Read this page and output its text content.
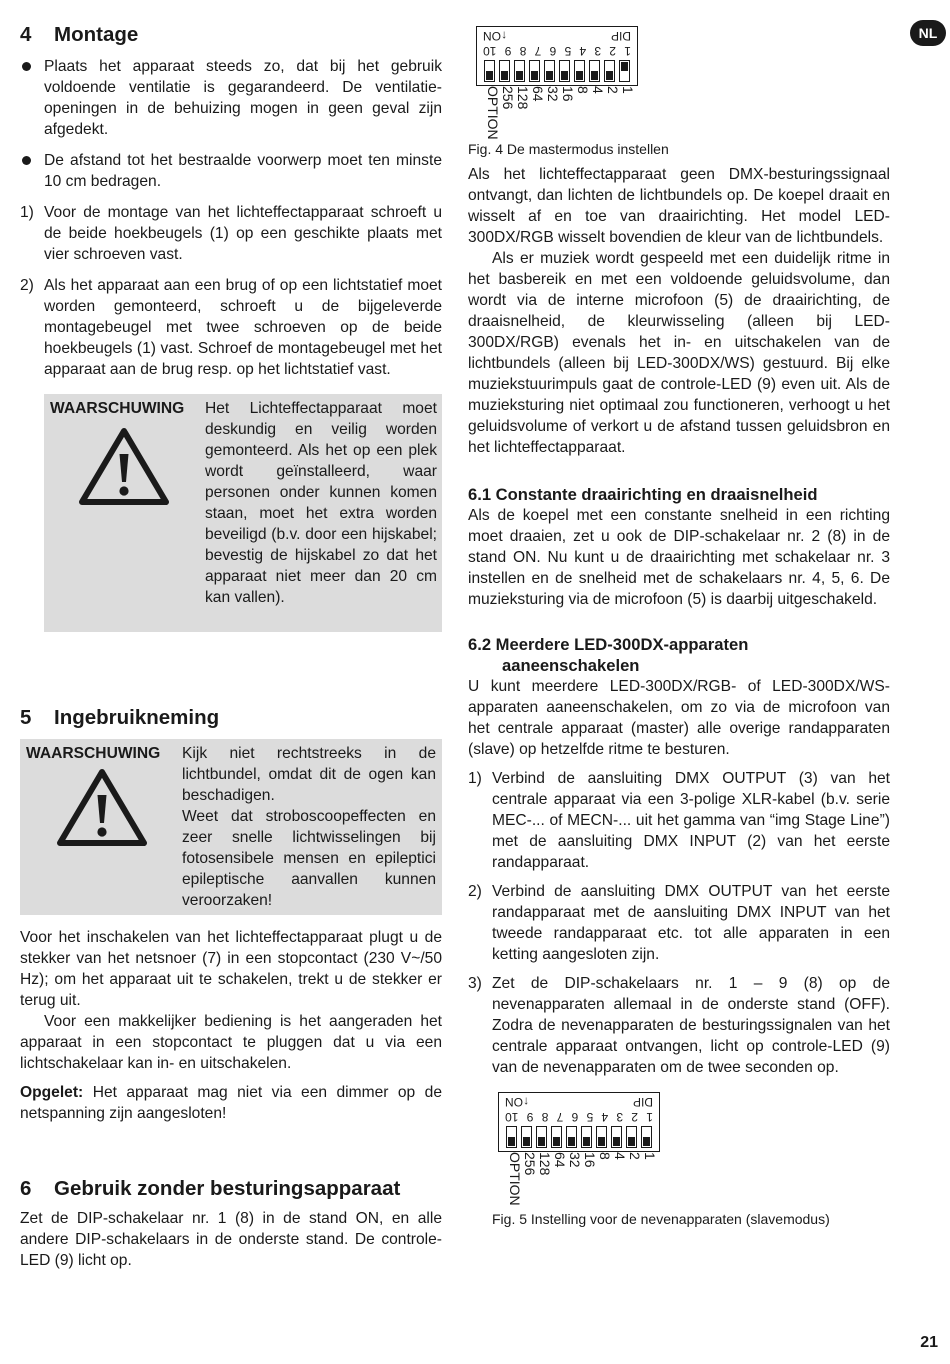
NL
4 Montage

Plaats het apparaat steeds zo, dat bij het gebruik voldoende ventilatie is gegarandeerd. De ventilatie-openingen in de behuizing mogen in geen geval zijn afgedekt.

De afstand tot het bestraalde voorwerp moet ten minste 10 cm bedragen.

1) Voor de montage van het lichteffectapparaat schroeft u de beide hoekbeugels (1) op een geschikte plaats met vier schroeven vast.

2) Als het apparaat aan een brug of op een lichtstatief moet worden gemonteerd, schroeft u de bijgeleverde montagebeugel met twee schroeven op de beide hoekbeugels (1) vast. Schroef de montagebeugel met het apparaat aan de brug resp. op het lichtstatief vast.

WAARSCHUWING Het Lichteffectapparaat moet deskundig en veilig worden gemonteerd. Als het op een plek wordt geïnstalleerd, waar personen onder kunnen komen staan, moet het extra worden beveiligd (b.v. door een hijskabel; bevestig de hijskabel zo dat het apparaat niet meer dan 20 cm kan vallen).

5 Ingebruikneming
WAARSCHUWING Kijk niet rechtstreeks in de lichtbundel, omdat dit de ogen kan beschadigen.

Weet dat stroboscoopeffecten en zeer snelle lichtwisselingen bij fotosensibele mensen en epileptici epileptische aanvallen kunnen veroorzaken!

Voor het inschakelen van het lichteffectapparaat plugt u de stekker van het netsnoer (7) in een stopcontact (230 V~/50 Hz); om het apparaat uit te schakelen, trekt u de stekker er terug uit.

Voor een makkelijker bediening is het aangeraden het apparaat in een stopcontact te pluggen dat u via een lichtschakelaar kan in- en uitschakelen.

Opgelet: Het apparaat mag niet via een dimmer op de netspanning zijn aangesloten!

6 Gebruik zonder besturingsapparaat

Zet de DIP-schakelaar nr. 1 (8) in de stand ON, en alle andere DIP-schakelaars in de onderste stand. De controle-LED (9) licht op.

DIP
↑ON
1
2
3
4
5
6
7
8
9
10
1
2
4
8
16
32
64
128
256
OPTION

Fig. 4 De mastermodus instellen

Als het lichteffectapparaat geen DMX-besturingssignaal ontvangt, dan lichten de lichtbundels op. De koepel draait en wisselt af en toe van draairichting. Het model LED-300DX/RGB wisselt bovendien de kleur van de lichtbundels.

Als er muziek wordt gespeeld met een duidelijk ritme in het basbereik en met een voldoende geluidsvolume, dan wordt via de interne microfoon (5) de draairichting, de draaisnelheid, de kleurwisseling (alleen bij LED-300DX/RGB) evenals het in- en uitschakelen van de lichtbundels (alleen bij LED-300DX/WS) gestuurd. Bij elke muziekstuurimpuls gaat de controle-LED (9) even uit. Als de muzieksturing niet optimaal zou functioneren, verhoogt u het geluidsvolume of verkort u de afstand tussen geluidsbron en het lichteffectapparaat.

6.1 Constante draairichting en draaisnelheid

Als de koepel met een constante snelheid in een richting moet draaien, zet u ook de DIP-schakelaar nr. 2 (8) in de stand ON. Nu kunt u de draairichting met schakelaar nr. 3 instellen en de snelheid met de schakelaars nr. 4, 5, 6. De muzieksturing via de microfoon (5) is daarbij uitgeschakeld.

6.2 Meerdere LED-300DX-apparaten
aaneenschakelen

U kunt meerdere LED-300DX/RGB- of LED-300DX/WS-apparaten aaneenschakelen, om zo via de microfoon van het centrale apparaat (master) alle overige randapparaten (slave) op hetzelfde ritme te besturen.

1) Verbind de aansluiting DMX OUTPUT (3) van het centrale apparaat via een 3-polige XLR-kabel (b.v. serie MEC-... of MECN-... uit het gamma van “img Stage Line”) met de aansluiting DMX INPUT (2) van het eerste randapparaat.

2) Verbind de aansluiting DMX OUTPUT van het eerste randapparaat met de aansluiting DMX INPUT van het tweede randapparaat etc. tot alle apparaten in een ketting aangesloten zijn.

3) Zet de DIP-schakelaars nr. 1 – 9 (8) op de nevenapparaten allemaal in de onderste stand (OFF). Zodra de nevenapparaten de besturingssignalen van het centrale apparaat ontvangen, licht op controle-LED (9) van de nevenapparaten om de twee seconden op.

DIP
↑ON
1
2
3
4
5
6
7
8
9
10
1
2
4
8
16
32
64
128
256
OPTION

Fig. 5 Instelling voor de nevenapparaten (slavemodus)

21
